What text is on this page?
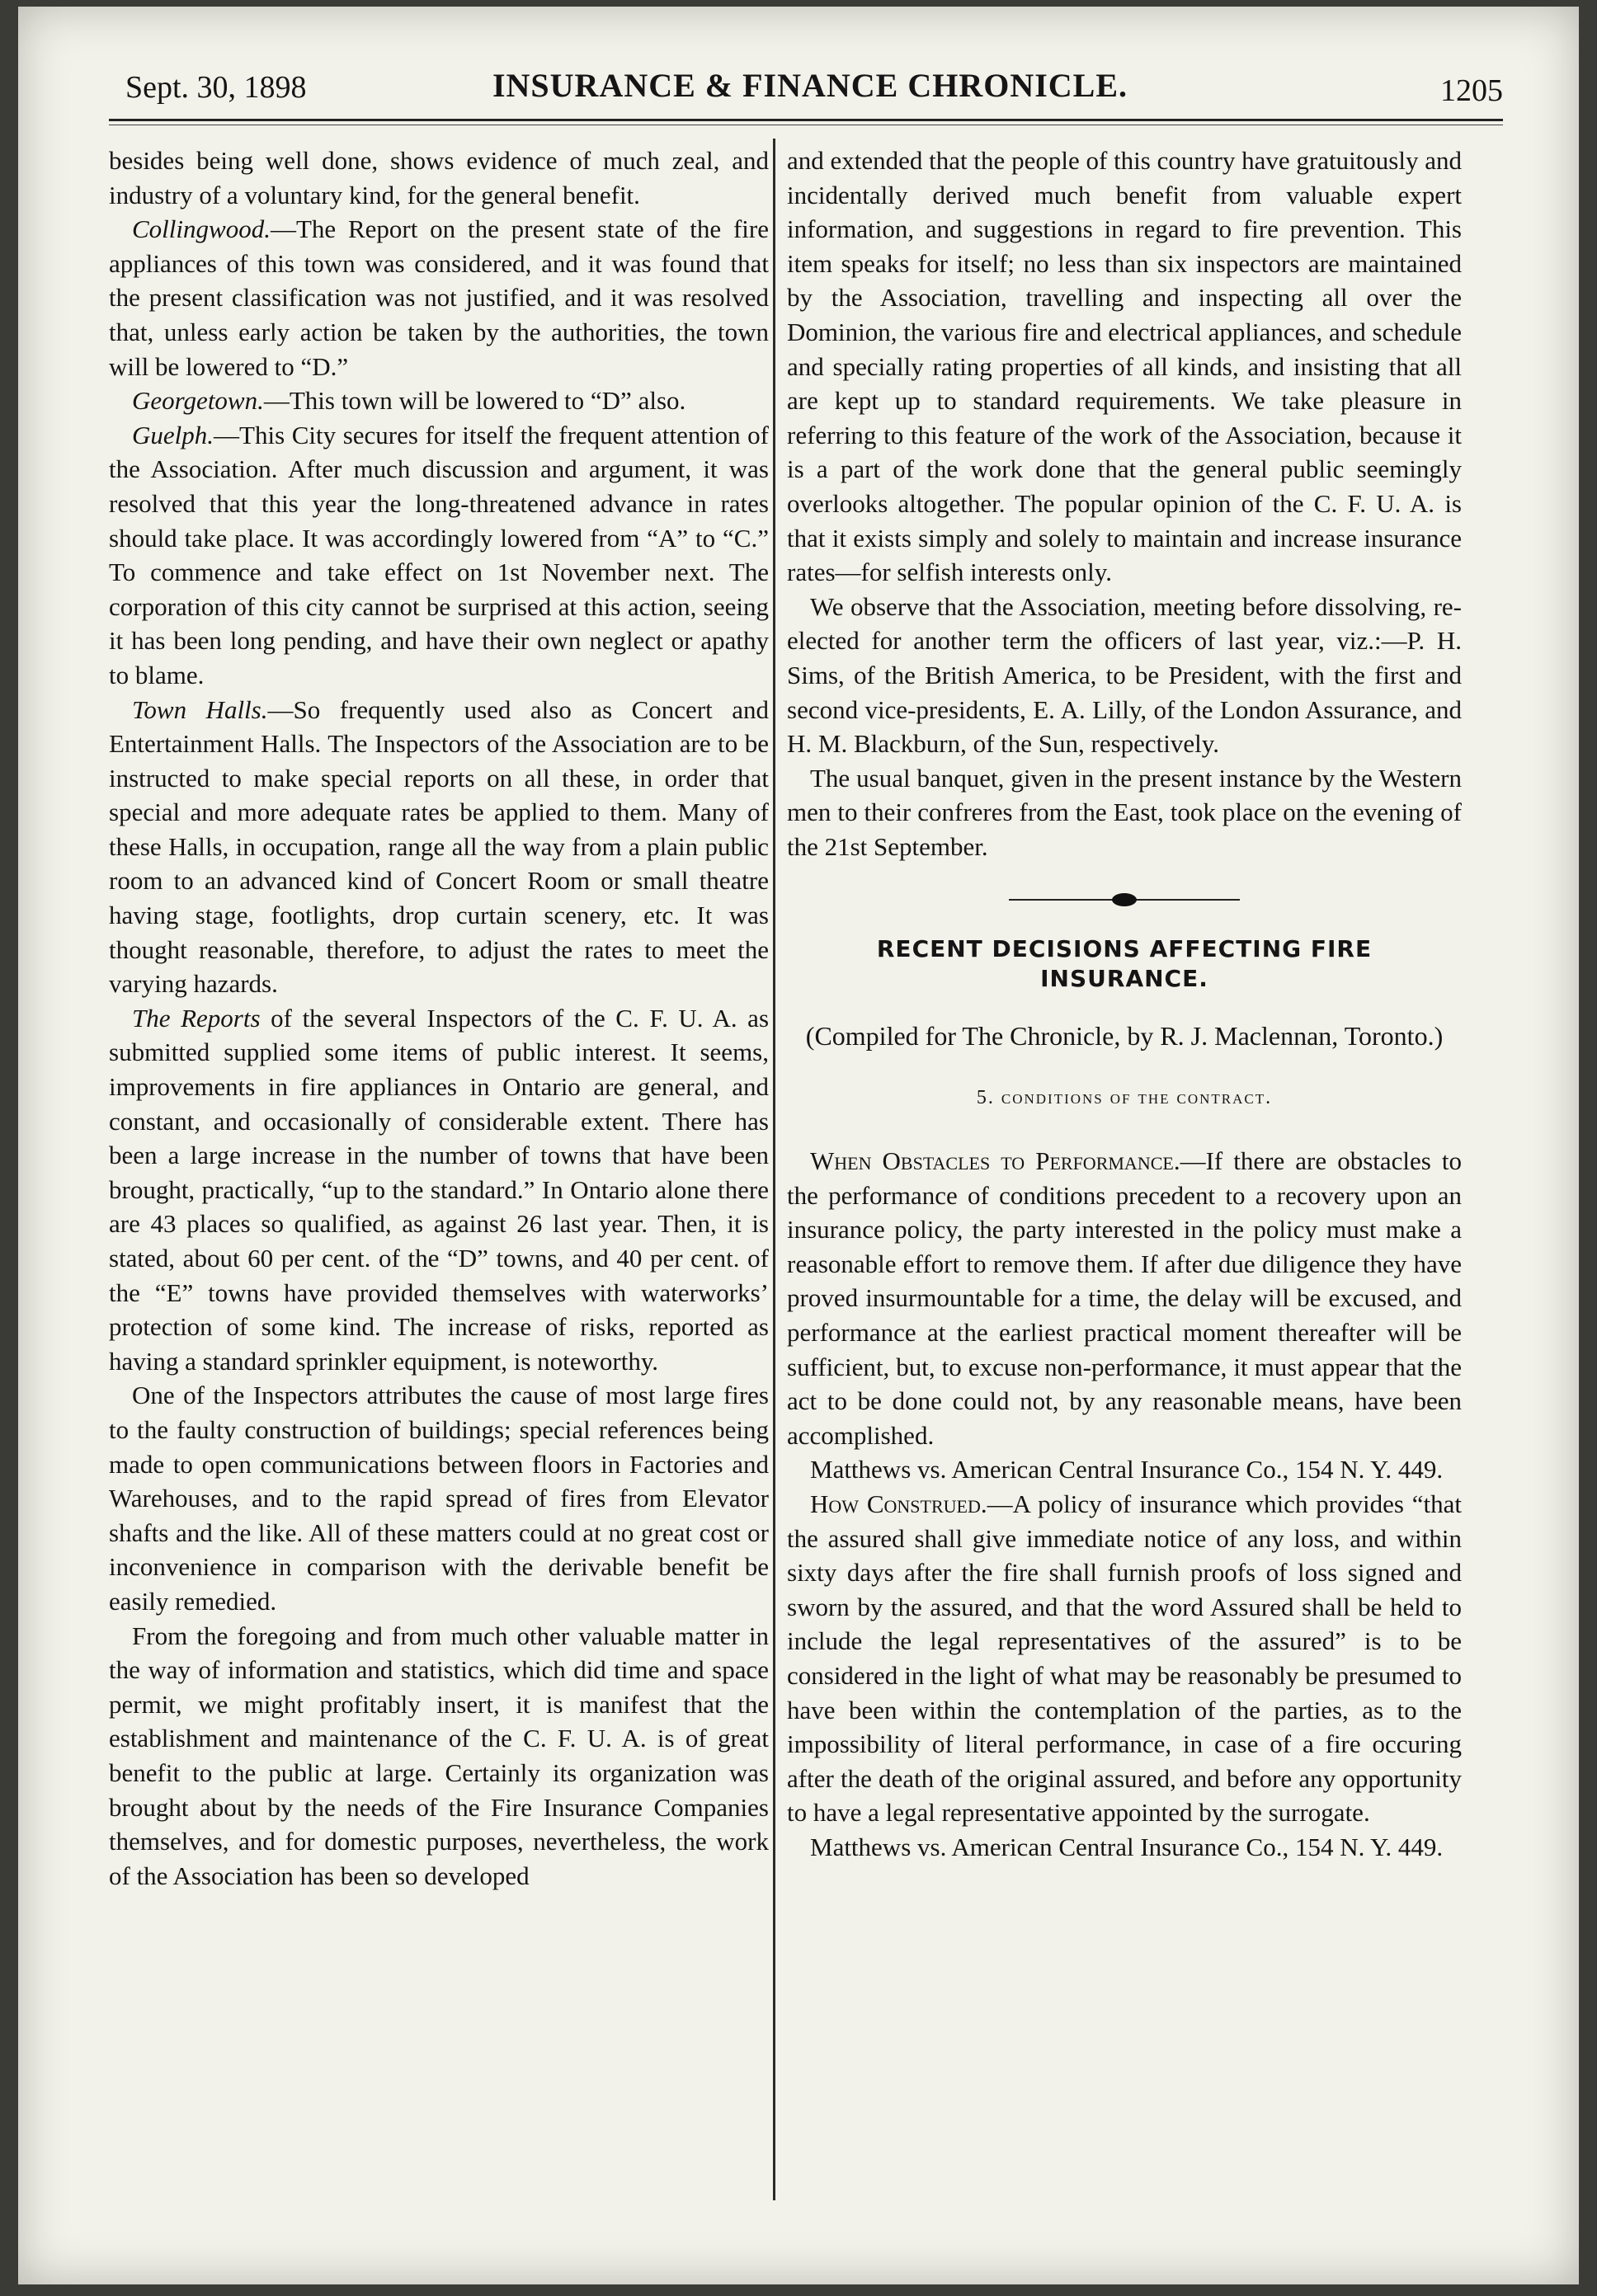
Sept. 30, 1898	INSURANCE & FINANCE CHRONICLE.	1205

besides being well done, shows evidence of much zeal, and industry of a voluntary kind, for the general benefit.

Collingwood.—The Report on the present state of the fire appliances of this town was considered, and it was found that the present classification was not justified, and it was resolved that, unless early action be taken by the authorities, the town will be lowered to “D.”

Georgetown.—This town will be lowered to “D” also.

Guelph.—This City secures for itself the frequent attention of the Association. After much discussion and argument, it was resolved that this year the long-threatened advance in rates should take place. It was accordingly lowered from “A” to “C.” To commence and take effect on 1st November next. The corporation of this city cannot be surprised at this action, seeing it has been long pending, and have their own neglect or apathy to blame.

Town Halls.—So frequently used also as Concert and Entertainment Halls. The Inspectors of the Association are to be instructed to make special reports on all these, in order that special and more adequate rates be applied to them. Many of these Halls, in occupation, range all the way from a plain public room to an advanced kind of Concert Room or small theatre having stage, footlights, drop curtain scenery, etc. It was thought reasonable, therefore, to adjust the rates to meet the varying hazards.

The Reports of the several Inspectors of the C. F. U. A. as submitted supplied some items of public interest. It seems, improvements in fire appliances in Ontario are general, and constant, and occasionally of considerable extent. There has been a large increase in the number of towns that have been brought, practically, “up to the standard.” In Ontario alone there are 43 places so qualified, as against 26 last year. Then, it is stated, about 60 per cent. of the “D” towns, and 40 per cent. of the “E” towns have provided themselves with waterworks’ protection of some kind. The increase of risks, reported as having a standard sprinkler equipment, is noteworthy.

One of the Inspectors attributes the cause of most large fires to the faulty construction of buildings; special references being made to open communications between floors in Factories and Warehouses, and to the rapid spread of fires from Elevator shafts and the like. All of these matters could at no great cost or inconvenience in comparison with the derivable benefit be easily remedied.

From the foregoing and from much other valuable matter in the way of information and statistics, which did time and space permit, we might profitably insert, it is manifest that the establishment and maintenance of the C. F. U. A. is of great benefit to the public at large. Certainly its organization was brought about by the needs of the Fire Insurance Companies themselves, and for domestic purposes, nevertheless, the work of the Association has been so developed

and extended that the people of this country have gratuitously and incidentally derived much benefit from valuable expert information, and suggestions in regard to fire prevention. This item speaks for itself; no less than six inspectors are maintained by the Association, travelling and inspecting all over the Dominion, the various fire and electrical appliances, and schedule and specially rating properties of all kinds, and insisting that all are kept up to standard requirements. We take pleasure in referring to this feature of the work of the Association, because it is a part of the work done that the general public seemingly overlooks altogether. The popular opinion of the C. F. U. A. is that it exists simply and solely to maintain and increase insurance rates—for selfish interests only.

We observe that the Association, meeting before dissolving, re-elected for another term the officers of last year, viz.:—P. H. Sims, of the British America, to be President, with the first and second vice-presidents, E. A. Lilly, of the London Assurance, and H. M. Blackburn, of the Sun, respectively.

The usual banquet, given in the present instance by the Western men to their confreres from the East, took place on the evening of the 21st September.

RECENT DECISIONS AFFECTING FIRE INSURANCE.
(Compiled for The Chronicle, by R. J. Maclennan, Toronto.)
5. conditions of the contract.

When Obstacles to Performance.—If there are obstacles to the performance of conditions precedent to a recovery upon an insurance policy, the party interested in the policy must make a reasonable effort to remove them. If after due diligence they have proved insurmountable for a time, the delay will be excused, and performance at the earliest practical moment thereafter will be sufficient, but, to excuse non-performance, it must appear that the act to be done could not, by any reasonable means, have been accomplished.

Matthews vs. American Central Insurance Co., 154 N. Y. 449.

How Construed.—A policy of insurance which provides “that the assured shall give immediate notice of any loss, and within sixty days after the fire shall furnish proofs of loss signed and sworn by the assured, and that the word Assured shall be held to include the legal representatives of the assured” is to be considered in the light of what may be reasonably be presumed to have been within the contemplation of the parties, as to the impossibility of literal performance, in case of a fire occuring after the death of the original assured, and before any opportunity to have a legal representative appointed by the surrogate.

Matthews vs. American Central Insurance Co., 154 N. Y. 449.
